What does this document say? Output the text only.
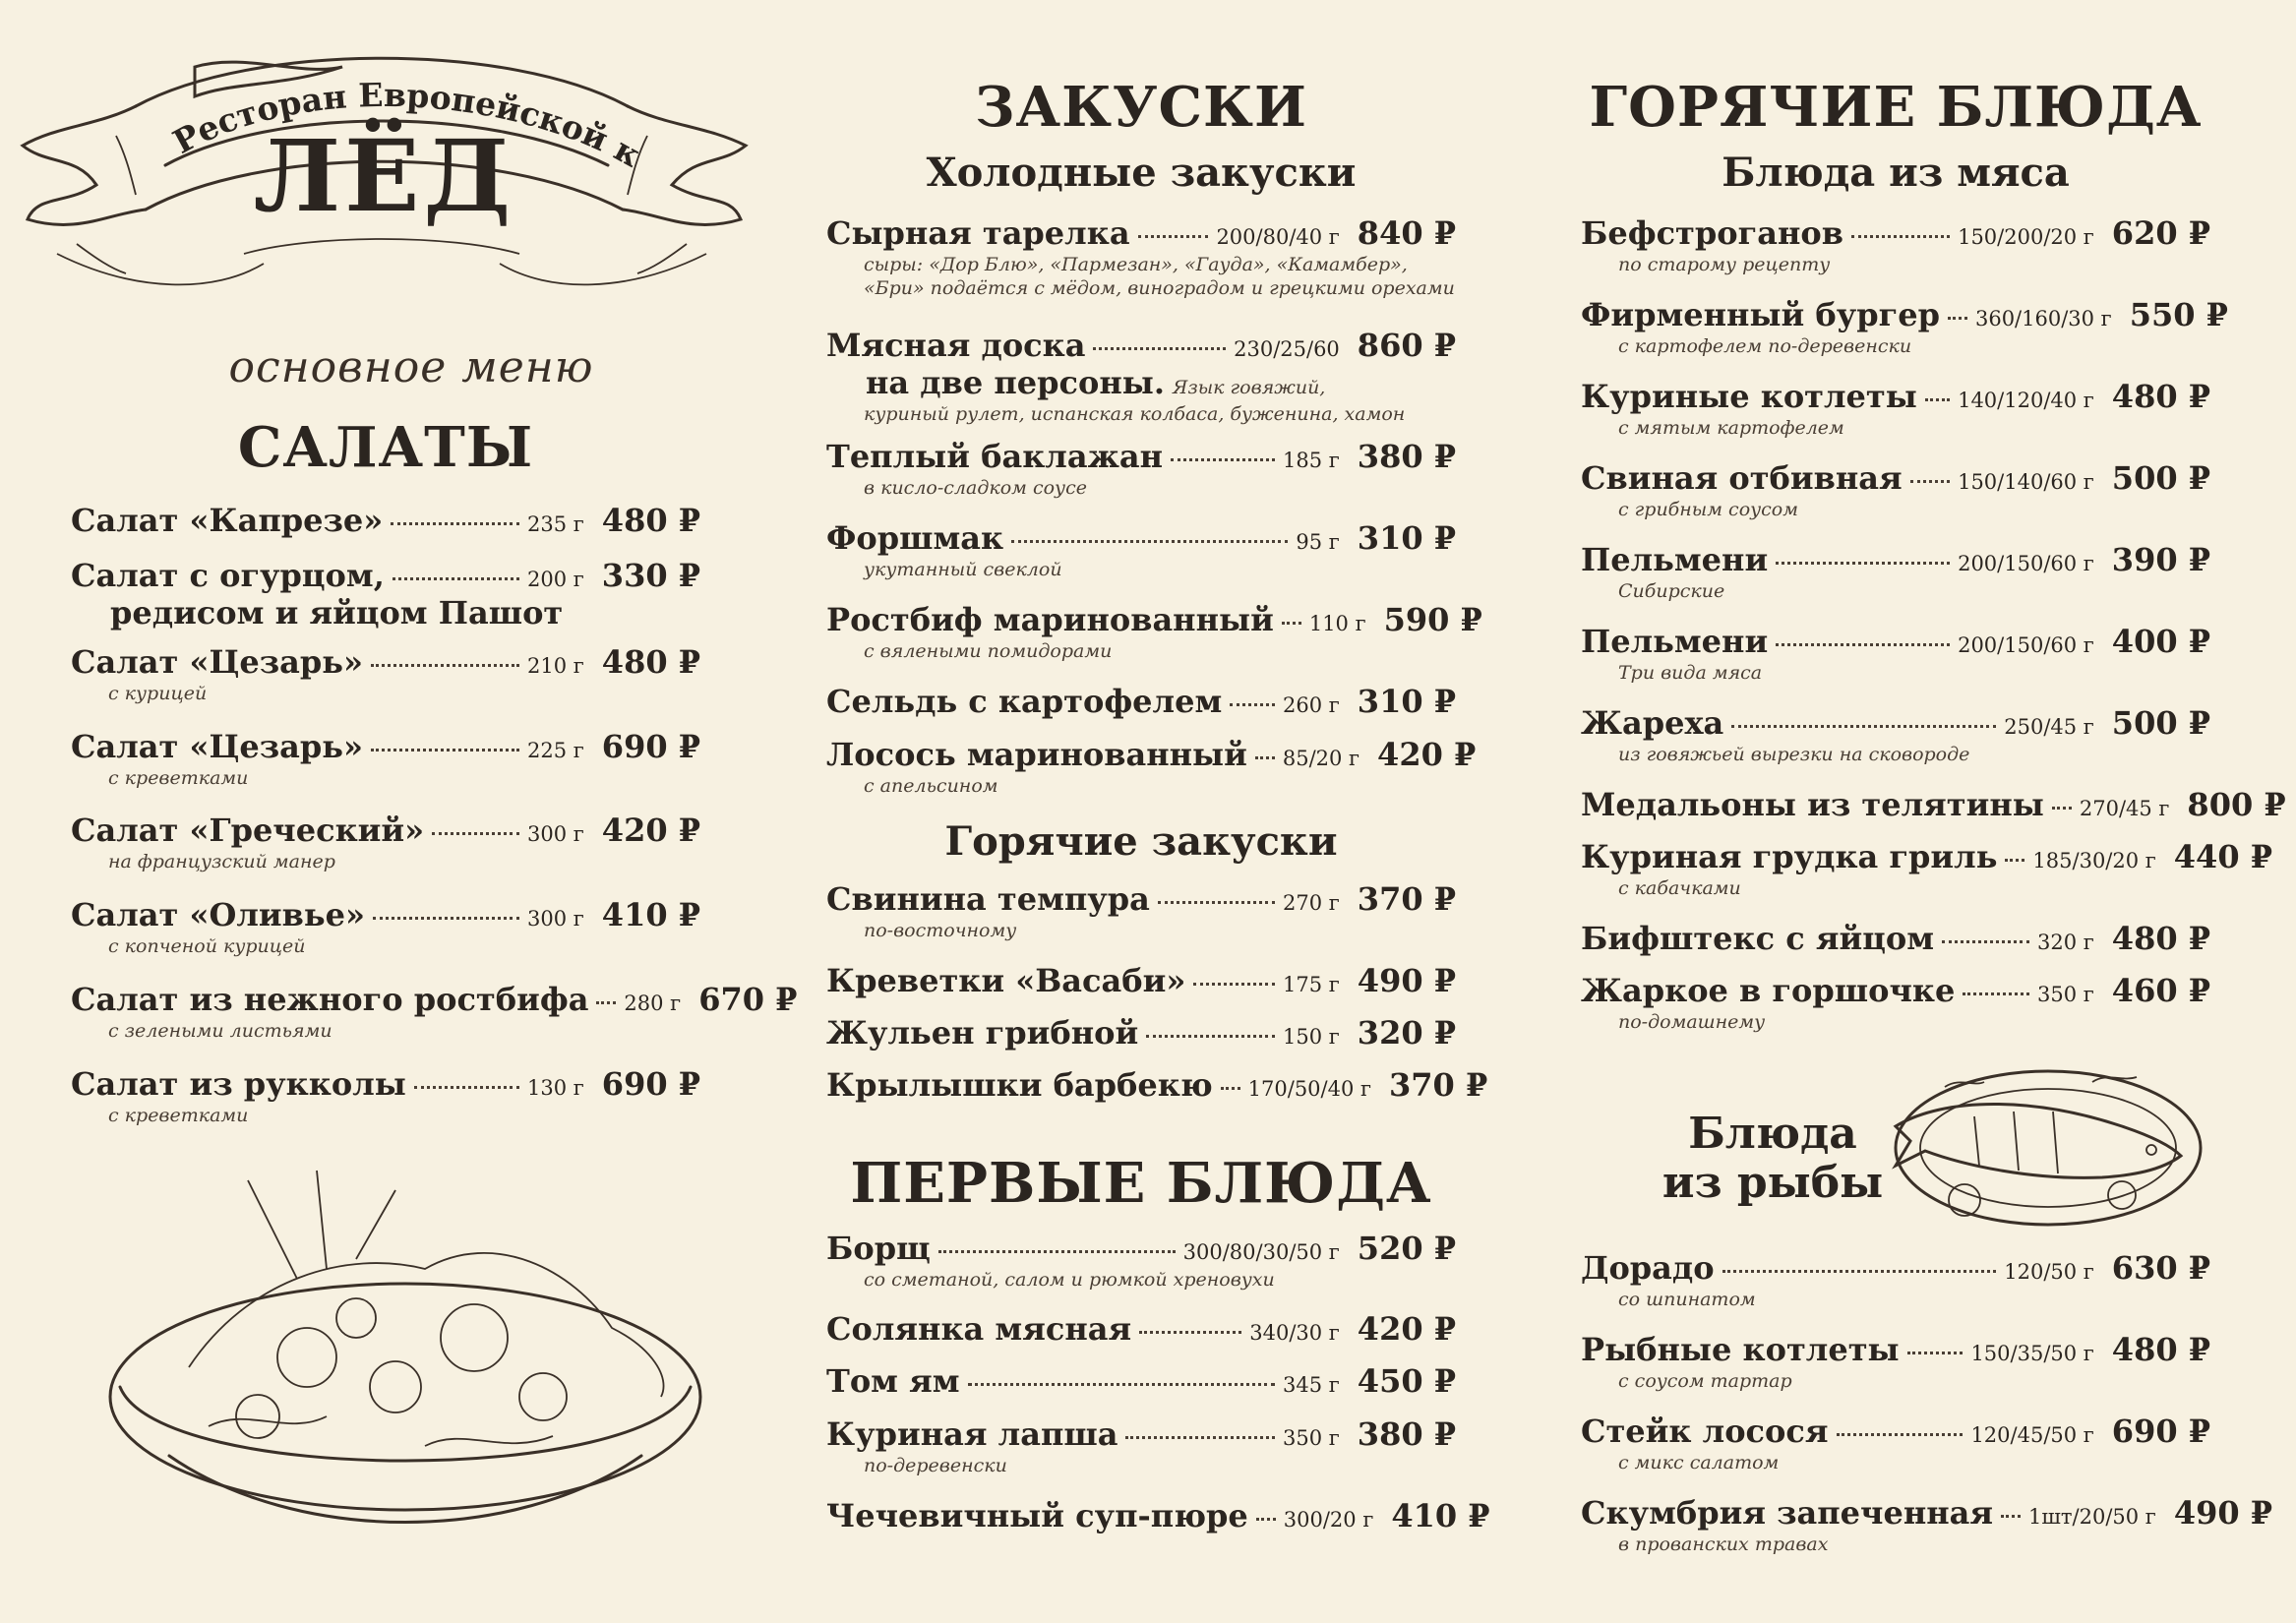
Ресторан Европейской к
ЛЁД
основное меню
САЛАТЫ
Салат «Капрезе»	235 г 480 ₽
Салат с огурцом,	200 г 330 ₽
редисом и яйцом Пашот
Салат «Цезарь»	210 г 480 ₽
с курицей
Салат «Цезарь»	225 г 690 ₽
с креветками
Салат «Греческий»	300 г 420 ₽
на французский манер
Салат «Оливье»	300 г 410 ₽
с копченой курицей
Салат из нежного ростбифа 280 г 670 ₽
с зелеными листьями
Салат из рукколы	130 г 690 ₽
с креветками
ЗАКУСКИ
Холодные закуски
Сырная тарелка	200/80/40 г 840 ₽
сыры: «Дор Блю», «Пармезан», «Гауда», «Камамбер»,
«Бри» подаётся с мёдом, виноградом и грецкими орехами
Мясная доска	230/25/60 860 ₽
на две персоны. Язык говяжий,
куриный рулет, испанская колбаса, буженина, хамон
Теплый баклажан	185 г 380 ₽
в кисло-сладком соусе
Форшмак	95 г 310 ₽
укутанный свеклой
Ростбиф маринованный 110 г 590 ₽
с вялеными помидорами
Сельдь с картофелем	260 г 310 ₽
Лосось маринованный 85/20 г 420 ₽
с апельсином
Горячие закуски
Свинина темпура	270 г 370 ₽
по-восточному
Креветки «Васаби»	175 г 490 ₽
Жульен грибной	150 г 320 ₽
Крылышки барбекю 170/50/40 г 370 ₽
ПЕРВЫЕ БЛЮДА
Борщ	300/80/30/50 г 520 ₽
со сметаной, салом и рюмкой хреновухи
Солянка мясная	340/30 г 420 ₽
Том ям	345 г 450 ₽
Куриная лапша	350 г 380 ₽
по-деревенски
Чечевичный суп-пюре 300/20 г 410 ₽
ГОРЯЧИЕ БЛЮДА
Блюда из мяса
Бефстроганов	150/200/20 г 620 ₽
по старому рецепту
Фирменный бургер 360/160/30 г 550 ₽
с картофелем по-деревенски
Куриные котлеты 140/120/40 г 480 ₽
с мятым картофелем
Свиная отбивная	150/140/60 г 500 ₽
с грибным соусом
Пельмени	200/150/60 г 390 ₽
Сибирские
Пельмени	200/150/60 г 400 ₽
Три вида мяса
Жареха	250/45 г 500 ₽
из говяжьей вырезки на сковороде
Медальоны из телятины 270/45 г 800 ₽
Куриная грудка гриль 185/30/20 г 440 ₽
с кабачками
Бифштекс с яйцом	320 г 480 ₽
Жаркое в горшочке	350 г 460 ₽
по-домашнему
Блюда
из рыбы
Дорадо	120/50 г 630 ₽
со шпинатом
Рыбные котлеты	150/35/50 г 480 ₽
с соусом тартар
Стейк лосося	120/45/50 г 690 ₽
с микс салатом
Скумбрия запеченная 1шт/20/50 г 490 ₽
в прованских травах
